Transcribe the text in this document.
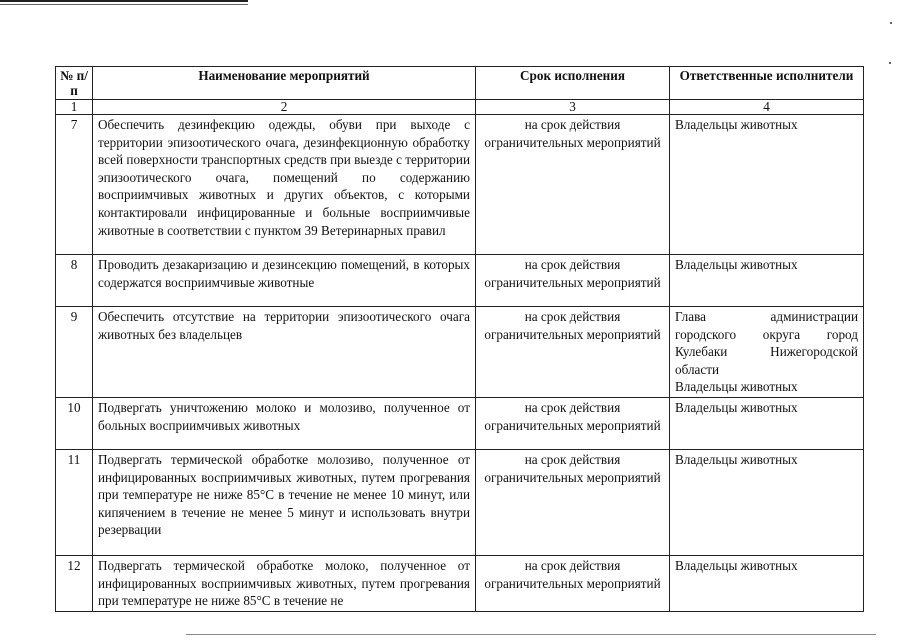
№ п/п	Наименование мероприятий	Срок исполнения	Ответственные исполнители
1	2	3	4
7	Обеспечить дезинфекцию одежды, обуви при выходе с территории эпизоотического очага, дезинфекционную обработку всей поверхности транспортных средств при выезде с территории эпизоотического очага, помещений по содержанию восприимчивых животных и других объектов, с которыми контактировали инфицированные и больные восприимчивые животные в соответствии с пунктом 39 Ветеринарных правил	на срок действия ограничительных мероприятий	Владельцы животных

8	Проводить дезакаризацию и дезинсекцию помещений, в которых содержатся восприимчивые животные	на срок действия ограничительных мероприятий	Владельцы животных

9	Обеспечить отсутствие на территории эпизоотического очага животных без владельцев	на срок действия ограничительных мероприятий	Глава администрации городского округа город Кулебаки Нижегородской области
Владельцы животных

10	Подвергать уничтожению молоко и молозиво, полученное от больных восприимчивых животных	на срок действия ограничительных мероприятий	Владельцы животных

11	Подвергать термической обработке молозиво, полученное от инфицированных восприимчивых животных, путем прогревания при температуре не ниже 85°С в течение не менее 10 минут, или кипячением в течение не менее 5 минут и использовать внутри резервации	на срок действия ограничительных мероприятий	Владельцы животных

12	Подвергать термической обработке молоко, полученное от инфицированных восприимчивых животных, путем прогревания при температуре не ниже 85°С в течение не	на срок действия ограничительных мероприятий	Владельцы животных
